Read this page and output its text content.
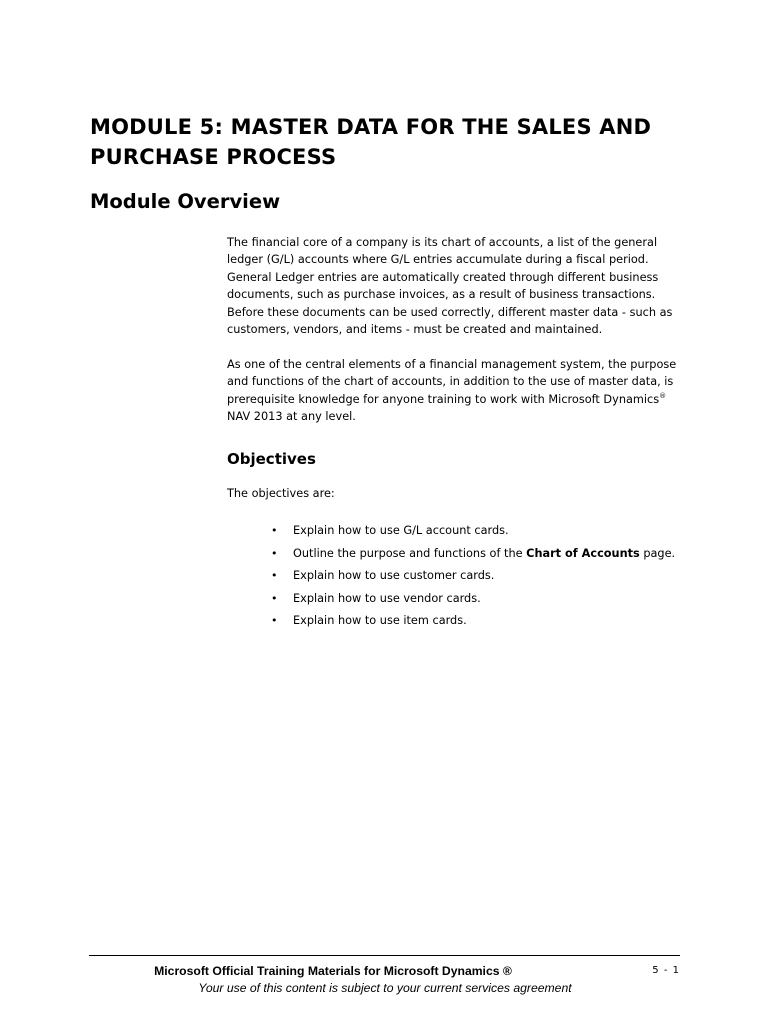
MODULE 5: MASTER DATA FOR THE SALES AND
PURCHASE PROCESS
Module Overview

The financial core of a company is its chart of accounts, a list of the general ledger (G/L) accounts where G/L entries accumulate during a fiscal period. General Ledger entries are automatically created through different business documents, such as purchase invoices, as a result of business transactions. Before these documents can be used correctly, different master data - such as customers, vendors, and items - must be created and maintained.

As one of the central elements of a financial management system, the purpose and functions of the chart of accounts, in addition to the use of master data, is prerequisite knowledge for anyone training to work with Microsoft Dynamics® NAV 2013 at any level.

Objectives

The objectives are:

• Explain how to use G/L account cards.
• Outline the purpose and functions of the Chart of Accounts page.
• Explain how to use customer cards.
• Explain how to use vendor cards.
• Explain how to use item cards.
Microsoft Official Training Materials for Microsoft Dynamics ®
Your use of this content is subject to your current services agreement
5 - 1
